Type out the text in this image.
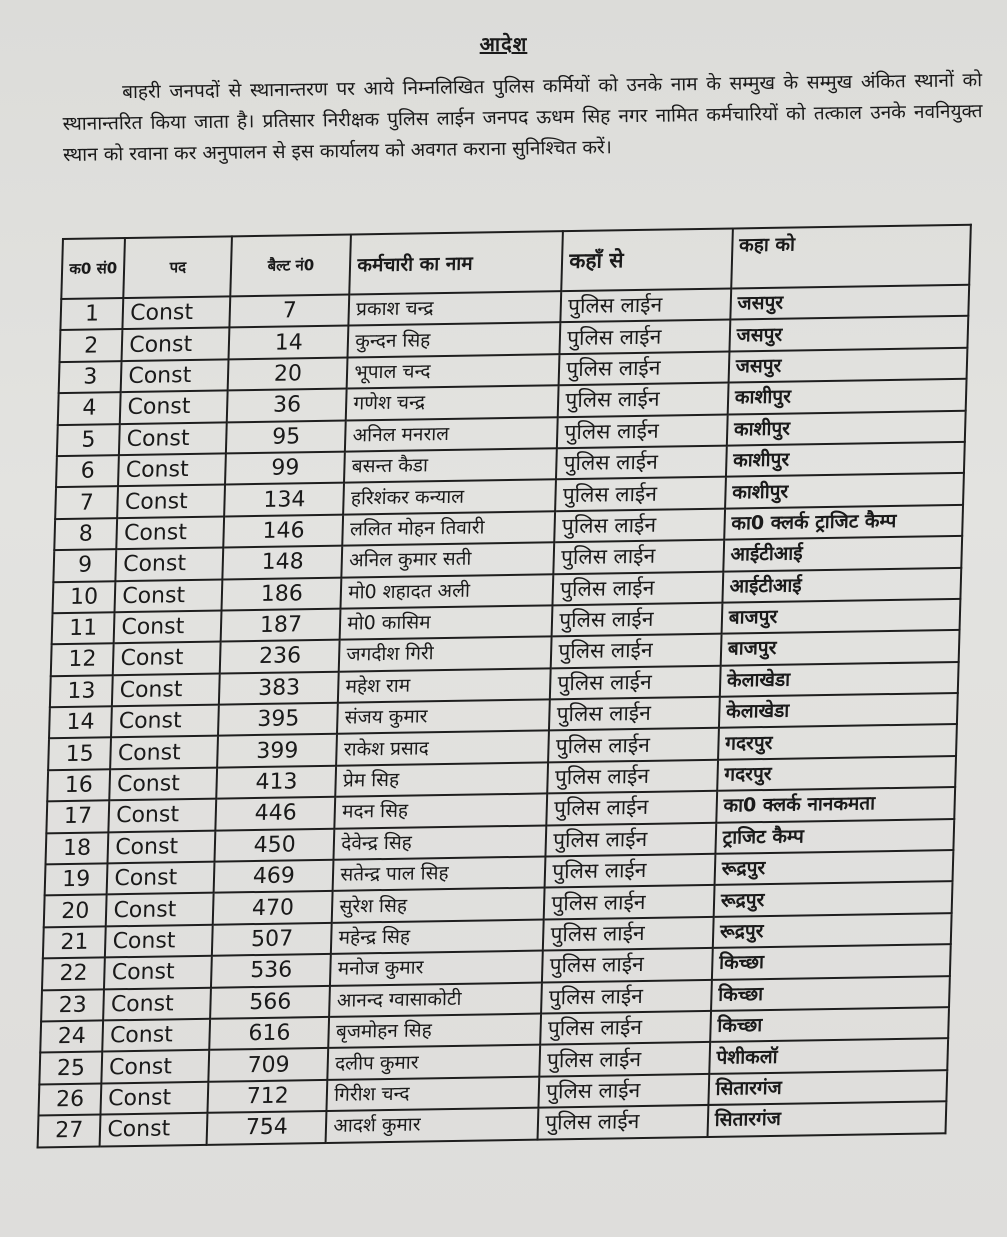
आदेश
बाहरी जनपदों से स्थानान्तरण पर आये निम्नलिखित पुलिस कर्मियों को उनके नाम के सम्मुख के सम्मुख अंकित स्थानों को स्थानान्तरित किया जाता है। प्रतिसार निरीक्षक पुलिस लाईन जनपद ऊधम सिह नगर नामित कर्मचारियों को तत्काल उनके नवनियुक्त स्थान को रवाना कर अनुपालन से इस कार्यालय को अवगत कराना सुनिश्चित करें।
क0 सं0	पद	बैल्ट नं0	कर्मचारी का नाम	कहाँ से	कहा को
1	Const	7	प्रकाश चन्द्र	पुलिस लाईन	जसपुर
2	Const	14	कुन्दन सिह	पुलिस लाईन	जसपुर
3	Const	20	भूपाल चन्द	पुलिस लाईन	जसपुर
4	Const	36	गणेश चन्द्र	पुलिस लाईन	काशीपुर
5	Const	95	अनिल मनराल	पुलिस लाईन	काशीपुर
6	Const	99	बसन्त कैडा	पुलिस लाईन	काशीपुर
7	Const	134	हरिशंकर कन्याल	पुलिस लाईन	काशीपुर
8	Const	146	ललित मोहन तिवारी	पुलिस लाईन	का0 क्लर्क ट्राजिट कैम्प
9	Const	148	अनिल कुमार सती	पुलिस लाईन	आईटीआई
10	Const	186	मो0 शहादत अली	पुलिस लाईन	आईटीआई
11	Const	187	मो0 कासिम	पुलिस लाईन	बाजपुर
12	Const	236	जगदीश गिरी	पुलिस लाईन	बाजपुर
13	Const	383	महेश राम	पुलिस लाईन	केलाखेडा
14	Const	395	संजय कुमार	पुलिस लाईन	केलाखेडा
15	Const	399	राकेश प्रसाद	पुलिस लाईन	गदरपुर
16	Const	413	प्रेम सिह	पुलिस लाईन	गदरपुर
17	Const	446	मदन सिह	पुलिस लाईन	का0 क्लर्क नानकमता
18	Const	450	देवेन्द्र सिह	पुलिस लाईन	ट्राजिट कैम्प
19	Const	469	सतेन्द्र पाल सिह	पुलिस लाईन	रूद्रपुर
20	Const	470	सुरेश सिह	पुलिस लाईन	रूद्रपुर
21	Const	507	महेन्द्र सिह	पुलिस लाईन	रूद्रपुर
22	Const	536	मनोज कुमार	पुलिस लाईन	किच्छा
23	Const	566	आनन्द ग्वासाकोटी	पुलिस लाईन	किच्छा
24	Const	616	बृजमोहन सिह	पुलिस लाईन	किच्छा
25	Const	709	दलीप कुमार	पुलिस लाईन	पेशीकलॉ
26	Const	712	गिरीश चन्द	पुलिस लाईन	सितारगंज
27	Const	754	आदर्श कुमार	पुलिस लाईन	सितारगंज
